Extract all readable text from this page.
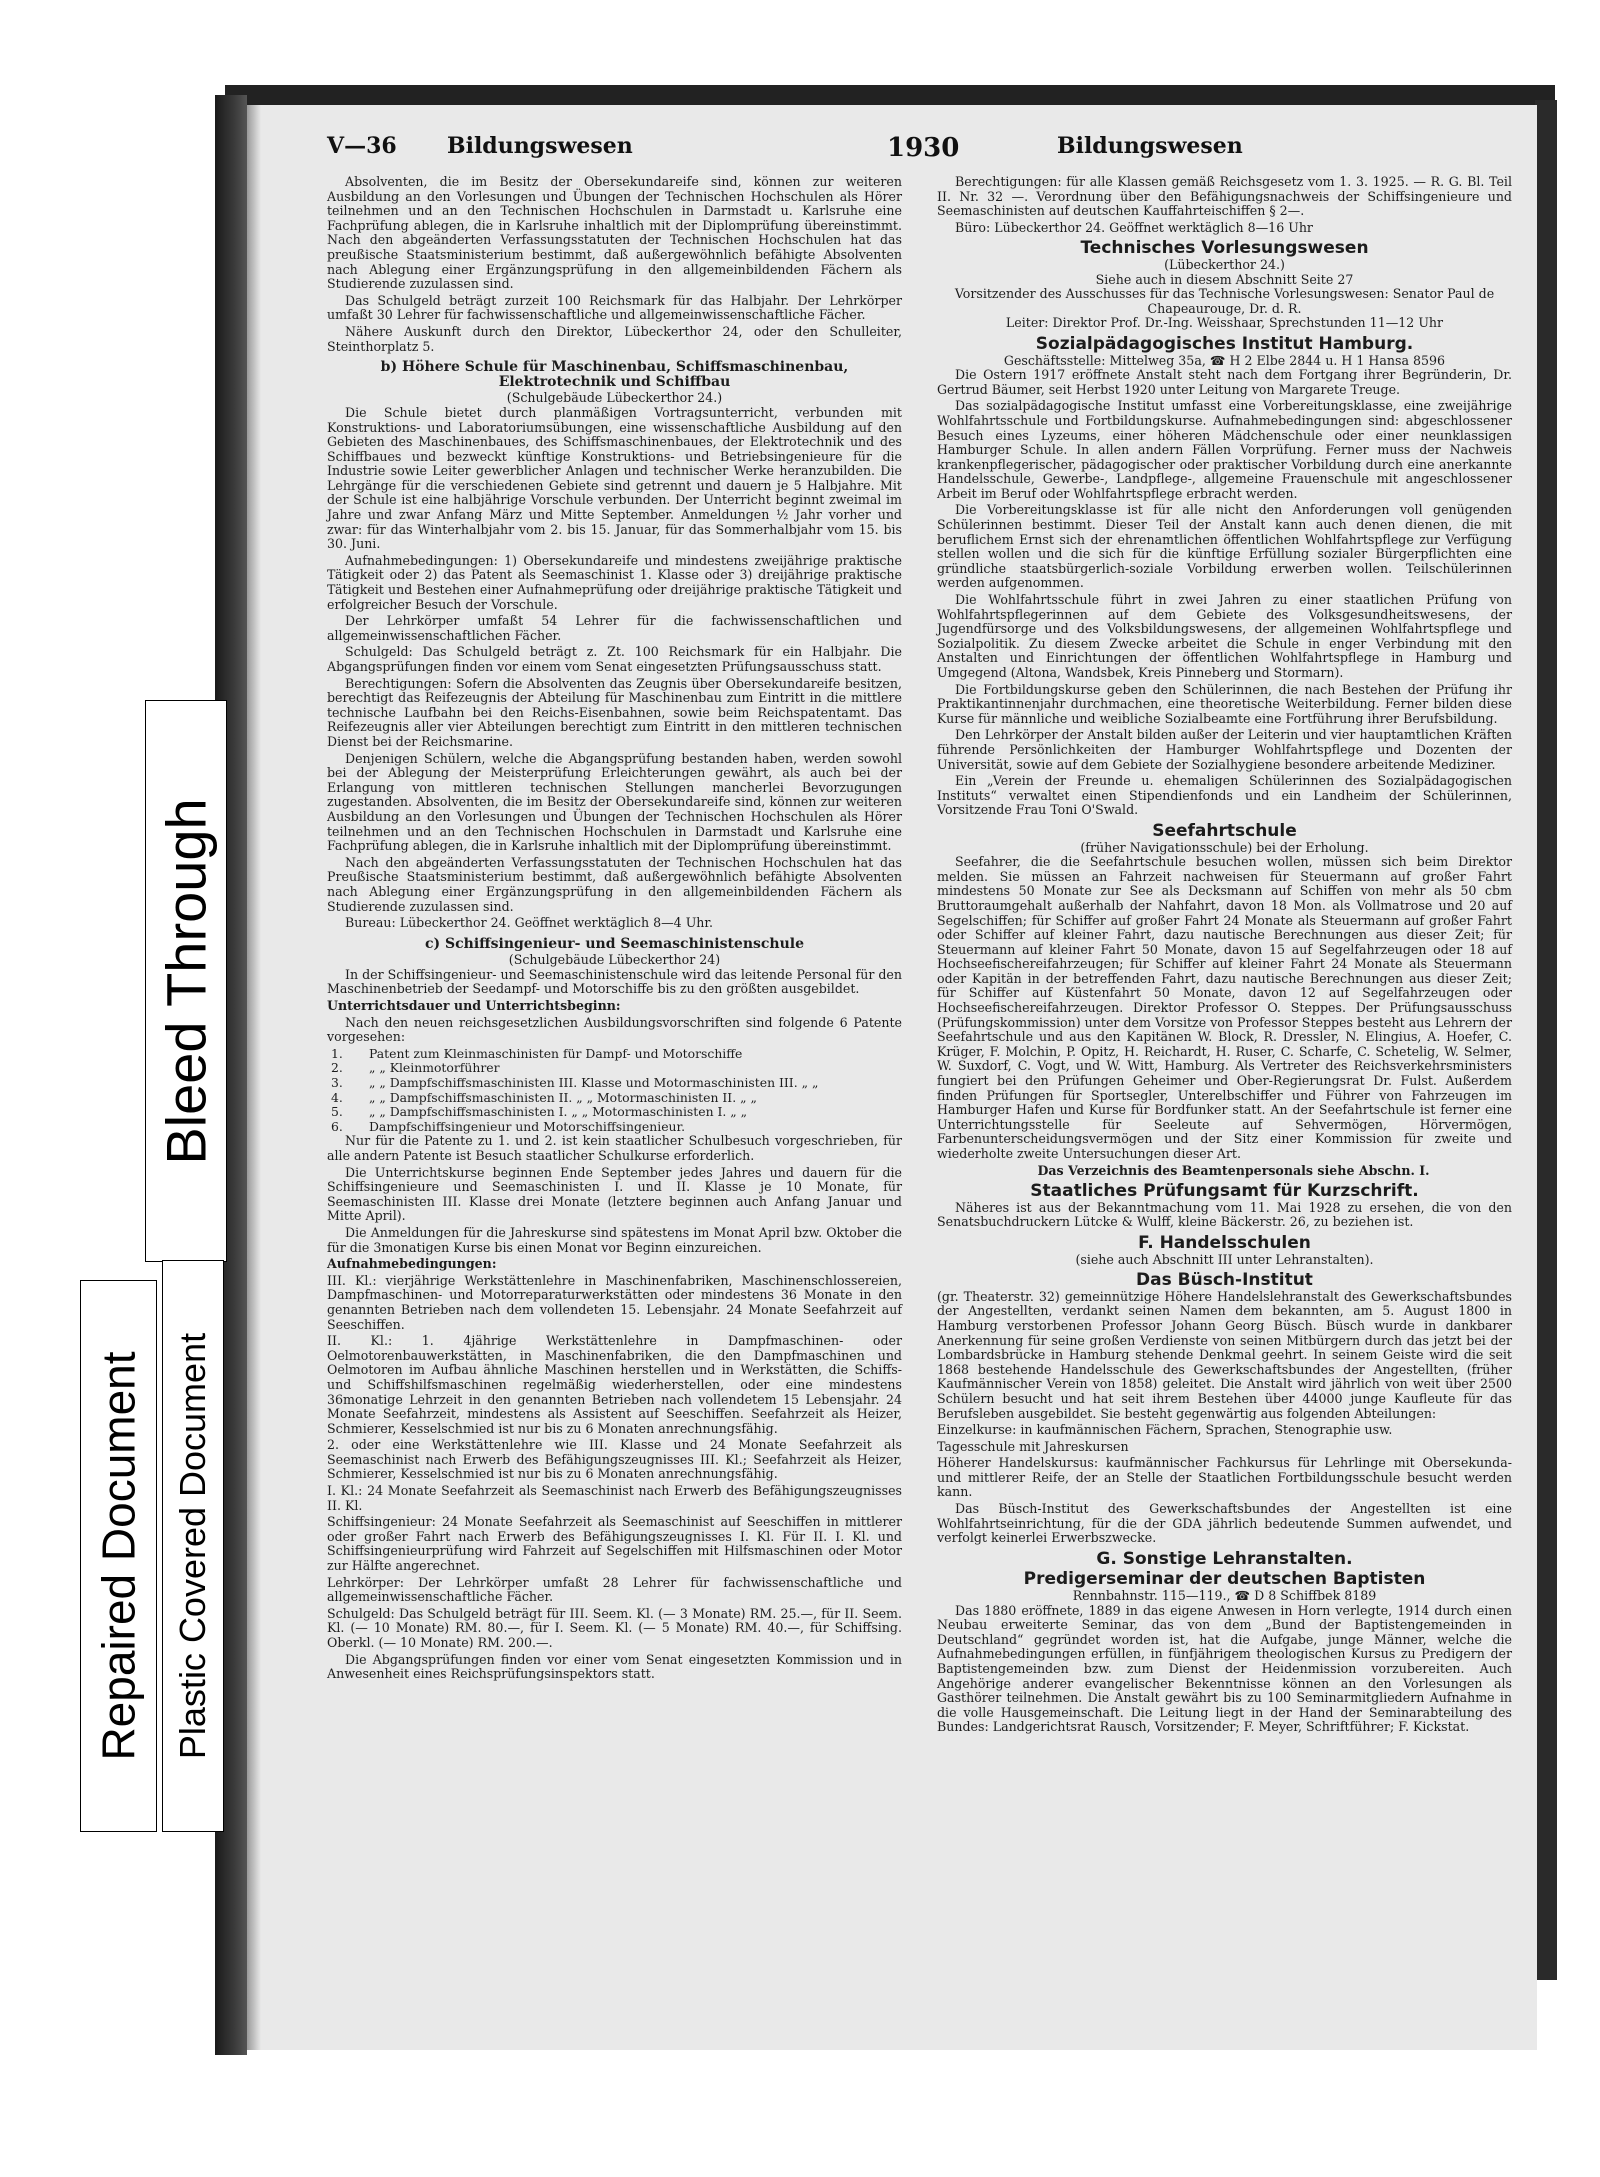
V—36 Bildungswesen	1930	Bildungswesen

Absolventen, die im Besitz der Obersekundareife sind, können zur weiteren Ausbildung an den Vorlesungen und Übungen der Technischen Hochschulen als Hörer teilnehmen und an den Technischen Hochschulen in Darmstadt u. Karlsruhe eine Fachprüfung ablegen, die in Karlsruhe inhaltlich mit der Diplomprüfung übereinstimmt. Nach den abgeänderten Verfassungsstatuten der Technischen Hochschulen hat das preußische Staatsministerium bestimmt, daß außergewöhnlich befähigte Absolventen nach Ablegung einer Ergänzungsprüfung in den allgemeinbildenden Fächern als Studierende zuzulassen sind.

Das Schulgeld beträgt zurzeit 100 Reichsmark für das Halbjahr. Der Lehrkörper umfaßt 30 Lehrer für fachwissenschaftliche und allgemeinwissenschaftliche Fächer.

Nähere Auskunft durch den Direktor, Lübeckerthor 24, oder den Schulleiter, Steinthorplatz 5.

b) Höhere Schule für Maschinenbau, Schiffsmaschinenbau, Elektrotechnik und Schiffbau
(Schulgebäude Lübeckerthor 24.)

Die Schule bietet durch planmäßigen Vortragsunterricht, verbunden mit Konstruktions- und Laboratoriumsübungen, eine wissenschaftliche Ausbildung auf den Gebieten des Maschinenbaues, des Schiffsmaschinenbaues, der Elektrotechnik und des Schiffbaues und bezweckt künftige Konstruktions- und Betriebsingenieure für die Industrie sowie Leiter gewerblicher Anlagen und technischer Werke heranzubilden. Die Lehrgänge für die verschiedenen Gebiete sind getrennt und dauern je 5 Halbjahre. Mit der Schule ist eine halbjährige Vorschule verbunden. Der Unterricht beginnt zweimal im Jahre und zwar Anfang März und Mitte September. Anmeldungen ½ Jahr vorher und zwar: für das Winterhalbjahr vom 2. bis 15. Januar, für das Sommerhalbjahr vom 15. bis 30. Juni.

Aufnahmebedingungen: 1) Obersekundareife und mindestens zweijährige praktische Tätigkeit oder 2) das Patent als Seemaschinist 1. Klasse oder 3) dreijährige praktische Tätigkeit und Bestehen einer Aufnahmeprüfung oder dreijährige praktische Tätigkeit und erfolgreicher Besuch der Vorschule.

Der Lehrkörper umfaßt 54 Lehrer für die fachwissenschaftlichen und allgemeinwissenschaftlichen Fächer.

Schulgeld: Das Schulgeld beträgt z. Zt. 100 Reichsmark für ein Halbjahr. Die Abgangsprüfungen finden vor einem vom Senat eingesetzten Prüfungsausschuss statt.

Berechtigungen: Sofern die Absolventen das Zeugnis über Obersekundareife besitzen, berechtigt das Reifezeugnis der Abteilung für Maschinenbau zum Eintritt in die mittlere technische Laufbahn bei den Reichs-Eisenbahnen, sowie beim Reichspatentamt. Das Reifezeugnis aller vier Abteilungen berechtigt zum Eintritt in den mittleren technischen Dienst bei der Reichsmarine.

Denjenigen Schülern, welche die Abgangsprüfung bestanden haben, werden sowohl bei der Ablegung der Meisterprüfung Erleichterungen gewährt, als auch bei der Erlangung von mittleren technischen Stellungen mancherlei Bevorzugungen zugestanden. Absolventen, die im Besitz der Obersekundareife sind, können zur weiteren Ausbildung an den Vorlesungen und Übungen der Technischen Hochschulen als Hörer teilnehmen und an den Technischen Hochschulen in Darmstadt und Karlsruhe eine Fachprüfung ablegen, die in Karlsruhe inhaltlich mit der Diplomprüfung übereinstimmt.

Nach den abgeänderten Verfassungsstatuten der Technischen Hochschulen hat das Preußische Staatsministerium bestimmt, daß außergewöhnlich befähigte Absolventen nach Ablegung einer Ergänzungsprüfung in den allgemeinbildenden Fächern als Studierende zuzulassen sind.

Bureau: Lübeckerthor 24. Geöffnet werktäglich 8—4 Uhr.

c) Schiffsingenieur- und Seemaschinistenschule
(Schulgebäude Lübeckerthor 24)

In der Schiffsingenieur- und Seemaschinistenschule wird das leitende Personal für den Maschinenbetrieb der Seedampf- und Motorschiffe bis zu den größten ausgebildet.

Unterrichtsdauer und Unterrichtsbeginn:

Nach den neuen reichsgesetzlichen Ausbildungsvorschriften sind folgende 6 Patente vorgesehen:

1.	Patent zum Kleinmaschinisten für Dampf- und Motorschiffe
2.	„ „ Kleinmotorführer
3.	„ „ Dampfschiffsmaschinisten III. Klasse und Motormaschinisten III. „ „
4.	„ „ Dampfschiffsmaschinisten II. „ „ Motormaschinisten II. „ „
5.	„ „ Dampfschiffsmaschinisten I. „ „ Motormaschinisten I. „ „
6.	Dampfschiffsingenieur und Motorschiffsingenieur.

Nur für die Patente zu 1. und 2. ist kein staatlicher Schulbesuch vorgeschrieben, für alle andern Patente ist Besuch staatlicher Schulkurse erforderlich.

Die Unterrichtskurse beginnen Ende September jedes Jahres und dauern für die Schiffsingenieure und Seemaschinisten I. und II. Klasse je 10 Monate, für Seemaschinisten III. Klasse drei Monate (letztere beginnen auch Anfang Januar und Mitte April).

Die Anmeldungen für die Jahreskurse sind spätestens im Monat April bzw. Oktober die für die 3monatigen Kurse bis einen Monat vor Beginn einzureichen.

Aufnahmebedingungen:

III. Kl.: vierjährige Werkstättenlehre in Maschinenfabriken, Maschinenschlossereien, Dampfmaschinen- und Motorreparaturwerkstätten oder mindestens 36 Monate in den genannten Betrieben nach dem vollendeten 15. Lebensjahr. 24 Monate Seefahrzeit auf Seeschiffen.

II. Kl.: 1. 4jährige Werkstättenlehre in Dampfmaschinen- oder Oelmotorenbauwerkstätten, in Maschinenfabriken, die den Dampfmaschinen und Oelmotoren im Aufbau ähnliche Maschinen herstellen und in Werkstätten, die Schiffs- und Schiffshilfsmaschinen regelmäßig wiederherstellen, oder eine mindestens 36monatige Lehrzeit in den genannten Betrieben nach vollendetem 15 Lebensjahr. 24 Monate Seefahrzeit, mindestens als Assistent auf Seeschiffen. Seefahrzeit als Heizer, Schmierer, Kesselschmied ist nur bis zu 6 Monaten anrechnungsfähig.

2. oder eine Werkstättenlehre wie III. Klasse und 24 Monate Seefahrzeit als Seemaschinist nach Erwerb des Befähigungszeugnisses III. Kl.; Seefahrzeit als Heizer, Schmierer, Kesselschmied ist nur bis zu 6 Monaten anrechnungsfähig.

I. Kl.: 24 Monate Seefahrzeit als Seemaschinist nach Erwerb des Befähigungszeugnisses II. Kl.

Schiffsingenieur: 24 Monate Seefahrzeit als Seemaschinist auf Seeschiffen in mittlerer oder großer Fahrt nach Erwerb des Befähigungszeugnisses I. Kl. Für II. I. Kl. und Schiffsingenieurprüfung wird Fahrzeit auf Segelschiffen mit Hilfsmaschinen oder Motor zur Hälfte angerechnet.

Lehrkörper: Der Lehrkörper umfaßt 28 Lehrer für fachwissenschaftliche und allgemeinwissenschaftliche Fächer.

Schulgeld: Das Schulgeld beträgt für III. Seem. Kl. (— 3 Monate) RM. 25.—, für II. Seem. Kl. (— 10 Monate) RM. 80.—, für I. Seem. Kl. (— 5 Monate) RM. 40.—, für Schiffsing. Oberkl. (— 10 Monate) RM. 200.—.

Die Abgangsprüfungen finden vor einer vom Senat eingesetzten Kommission und in Anwesenheit eines Reichsprüfungsinspektors statt.

Berechtigungen: für alle Klassen gemäß Reichsgesetz vom 1. 3. 1925. — R. G. Bl. Teil II. Nr. 32 —. Verordnung über den Befähigungsnachweis der Schiffsingenieure und Seemaschinisten auf deutschen Kauffahrteischiffen § 2—.

Büro: Lübeckerthor 24. Geöffnet werktäglich 8—16 Uhr

Technisches Vorlesungswesen
(Lübeckerthor 24.)
Siehe auch in diesem Abschnitt Seite 27
Vorsitzender des Ausschusses für das Technische Vorlesungswesen: Senator Paul de Chapeaurouge, Dr. d. R.
Leiter: Direktor Prof. Dr.-Ing. Weisshaar, Sprechstunden 11—12 Uhr
Sozialpädagogisches Institut Hamburg.
Geschäftsstelle: Mittelweg 35a, ☎ H 2 Elbe 2844 u. H 1 Hansa 8596

Die Ostern 1917 eröffnete Anstalt steht nach dem Fortgang ihrer Begründerin, Dr. Gertrud Bäumer, seit Herbst 1920 unter Leitung von Margarete Treuge.

Das sozialpädagogische Institut umfasst eine Vorbereitungsklasse, eine zweijährige Wohlfahrtsschule und Fortbildungskurse. Aufnahmebedingungen sind: abgeschlossener Besuch eines Lyzeums, einer höheren Mädchenschule oder einer neunklassigen Hamburger Schule. In allen andern Fällen Vorprüfung. Ferner muss der Nachweis krankenpflegerischer, pädagogischer oder praktischer Vorbildung durch eine anerkannte Handelsschule, Gewerbe-, Landpflege-, allgemeine Frauenschule mit angeschlossener Arbeit im Beruf oder Wohlfahrtspflege erbracht werden.

Die Vorbereitungsklasse ist für alle nicht den Anforderungen voll genügenden Schülerinnen bestimmt. Dieser Teil der Anstalt kann auch denen dienen, die mit beruflichem Ernst sich der ehrenamtlichen öffentlichen Wohlfahrtspflege zur Verfügung stellen wollen und die sich für die künftige Erfüllung sozialer Bürgerpflichten eine gründliche staatsbürgerlich-soziale Vorbildung erwerben wollen. Teilschülerinnen werden aufgenommen.

Die Wohlfahrtsschule führt in zwei Jahren zu einer staatlichen Prüfung von Wohlfahrtspflegerinnen auf dem Gebiete des Volksgesundheitswesens, der Jugendfürsorge und des Volksbildungswesens, der allgemeinen Wohlfahrtspflege und Sozialpolitik. Zu diesem Zwecke arbeitet die Schule in enger Verbindung mit den Anstalten und Einrichtungen der öffentlichen Wohlfahrtspflege in Hamburg und Umgegend (Altona, Wandsbek, Kreis Pinneberg und Stormarn).

Die Fortbildungskurse geben den Schülerinnen, die nach Bestehen der Prüfung ihr Praktikantinnenjahr durchmachen, eine theoretische Weiterbildung. Ferner bilden diese Kurse für männliche und weibliche Sozialbeamte eine Fortführung ihrer Berufsbildung.

Den Lehrkörper der Anstalt bilden außer der Leiterin und vier hauptamtlichen Kräften führende Persönlichkeiten der Hamburger Wohlfahrtspflege und Dozenten der Universität, sowie auf dem Gebiete der Sozialhygiene besondere arbeitende Mediziner.

Ein „Verein der Freunde u. ehemaligen Schülerinnen des Sozialpädagogischen Instituts“ verwaltet einen Stipendienfonds und ein Landheim der Schülerinnen, Vorsitzende Frau Toni O'Swald.

Seefahrtschule
(früher Navigationsschule) bei der Erholung.

Seefahrer, die die Seefahrtschule besuchen wollen, müssen sich beim Direktor melden. Sie müssen an Fahrzeit nachweisen für Steuermann auf großer Fahrt mindestens 50 Monate zur See als Decksmann auf Schiffen von mehr als 50 cbm Bruttoraumgehalt außerhalb der Nahfahrt, davon 18 Mon. als Vollmatrose und 20 auf Segelschiffen; für Schiffer auf großer Fahrt 24 Monate als Steuermann auf großer Fahrt oder Schiffer auf kleiner Fahrt, dazu nautische Berechnungen aus dieser Zeit; für Steuermann auf kleiner Fahrt 50 Monate, davon 15 auf Segelfahrzeugen oder 18 auf Hochseefischereifahrzeugen; für Schiffer auf kleiner Fahrt 24 Monate als Steuermann oder Kapitän in der betreffenden Fahrt, dazu nautische Berechnungen aus dieser Zeit; für Schiffer auf Küstenfahrt 50 Monate, davon 12 auf Segelfahrzeugen oder Hochseefischereifahrzeugen. Direktor Professor O. Steppes. Der Prüfungsausschuss (Prüfungskommission) unter dem Vorsitze von Professor Steppes besteht aus Lehrern der Seefahrtschule und aus den Kapitänen W. Block, R. Dressler, N. Elingius, A. Hoefer, C. Krüger, F. Molchin, P. Opitz, H. Reichardt, H. Ruser, C. Scharfe, C. Schetelig, W. Selmer, W. Suxdorf, C. Vogt, und W. Witt, Hamburg. Als Vertreter des Reichsverkehrsministers fungiert bei den Prüfungen Geheimer und Ober-Regierungsrat Dr. Fulst. Außerdem finden Prüfungen für Sportsegler, Unterelbschiffer und Führer von Fahrzeugen im Hamburger Hafen und Kurse für Bordfunker statt. An der Seefahrtschule ist ferner eine Unterrichtungsstelle für Seeleute auf Sehvermögen, Hörvermögen, Farbenunterscheidungsvermögen und der Sitz einer Kommission für zweite und wiederholte zweite Untersuchungen dieser Art.

Das Verzeichnis des Beamtenpersonals siehe Abschn. I.

Staatliches Prüfungsamt für Kurzschrift.

Näheres ist aus der Bekanntmachung vom 11. Mai 1928 zu ersehen, die von den Senatsbuchdruckern Lütcke & Wulff, kleine Bäckerstr. 26, zu beziehen ist.

F. Handelsschulen
(siehe auch Abschnitt III unter Lehranstalten).
Das Büsch-Institut

(gr. Theaterstr. 32) gemeinnützige Höhere Handelslehranstalt des Gewerkschaftsbundes der Angestellten, verdankt seinen Namen dem bekannten, am 5. August 1800 in Hamburg verstorbenen Professor Johann Georg Büsch. Büsch wurde in dankbarer Anerkennung für seine großen Verdienste von seinen Mitbürgern durch das jetzt bei der Lombardsbrücke in Hamburg stehende Denkmal geehrt. In seinem Geiste wird die seit 1868 bestehende Handelsschule des Gewerkschaftsbundes der Angestellten, (früher Kaufmännischer Verein von 1858) geleitet. Die Anstalt wird jährlich von weit über 2500 Schülern besucht und hat seit ihrem Bestehen über 44000 junge Kaufleute für das Berufsleben ausgebildet. Sie besteht gegenwärtig aus folgenden Abteilungen:

Einzelkurse: in kaufmännischen Fächern, Sprachen, Stenographie usw.

Tagesschule mit Jahreskursen

Höherer Handelskursus: kaufmännischer Fachkursus für Lehrlinge mit Obersekunda- und mittlerer Reife, der an Stelle der Staatlichen Fortbildungsschule besucht werden kann.

Das Büsch-Institut des Gewerkschaftsbundes der Angestellten ist eine Wohlfahrtseinrichtung, für die der GDA jährlich bedeutende Summen aufwendet, und verfolgt keinerlei Erwerbszwecke.

G. Sonstige Lehranstalten.
Predigerseminar der deutschen Baptisten
Rennbahnstr. 115—119., ☎ D 8 Schiffbek 8189

Das 1880 eröffnete, 1889 in das eigene Anwesen in Horn verlegte, 1914 durch einen Neubau erweiterte Seminar, das von dem „Bund der Baptistengemeinden in Deutschland“ gegründet worden ist, hat die Aufgabe, junge Männer, welche die Aufnahmebedingungen erfüllen, in fünfjährigem theologischen Kursus zu Predigern der Baptistengemeinden bzw. zum Dienst der Heidenmission vorzubereiten. Auch Angehörige anderer evangelischer Bekenntnisse können an den Vorlesungen als Gasthörer teilnehmen. Die Anstalt gewährt bis zu 100 Seminarmitgliedern Aufnahme in die volle Hausgemeinschaft. Die Leitung liegt in der Hand der Seminarabteilung des Bundes: Landgerichtsrat Rausch, Vorsitzender; F. Meyer, Schriftführer; F. Kickstat.

Bleed Through
Repaired Document Plastic Covered Document
